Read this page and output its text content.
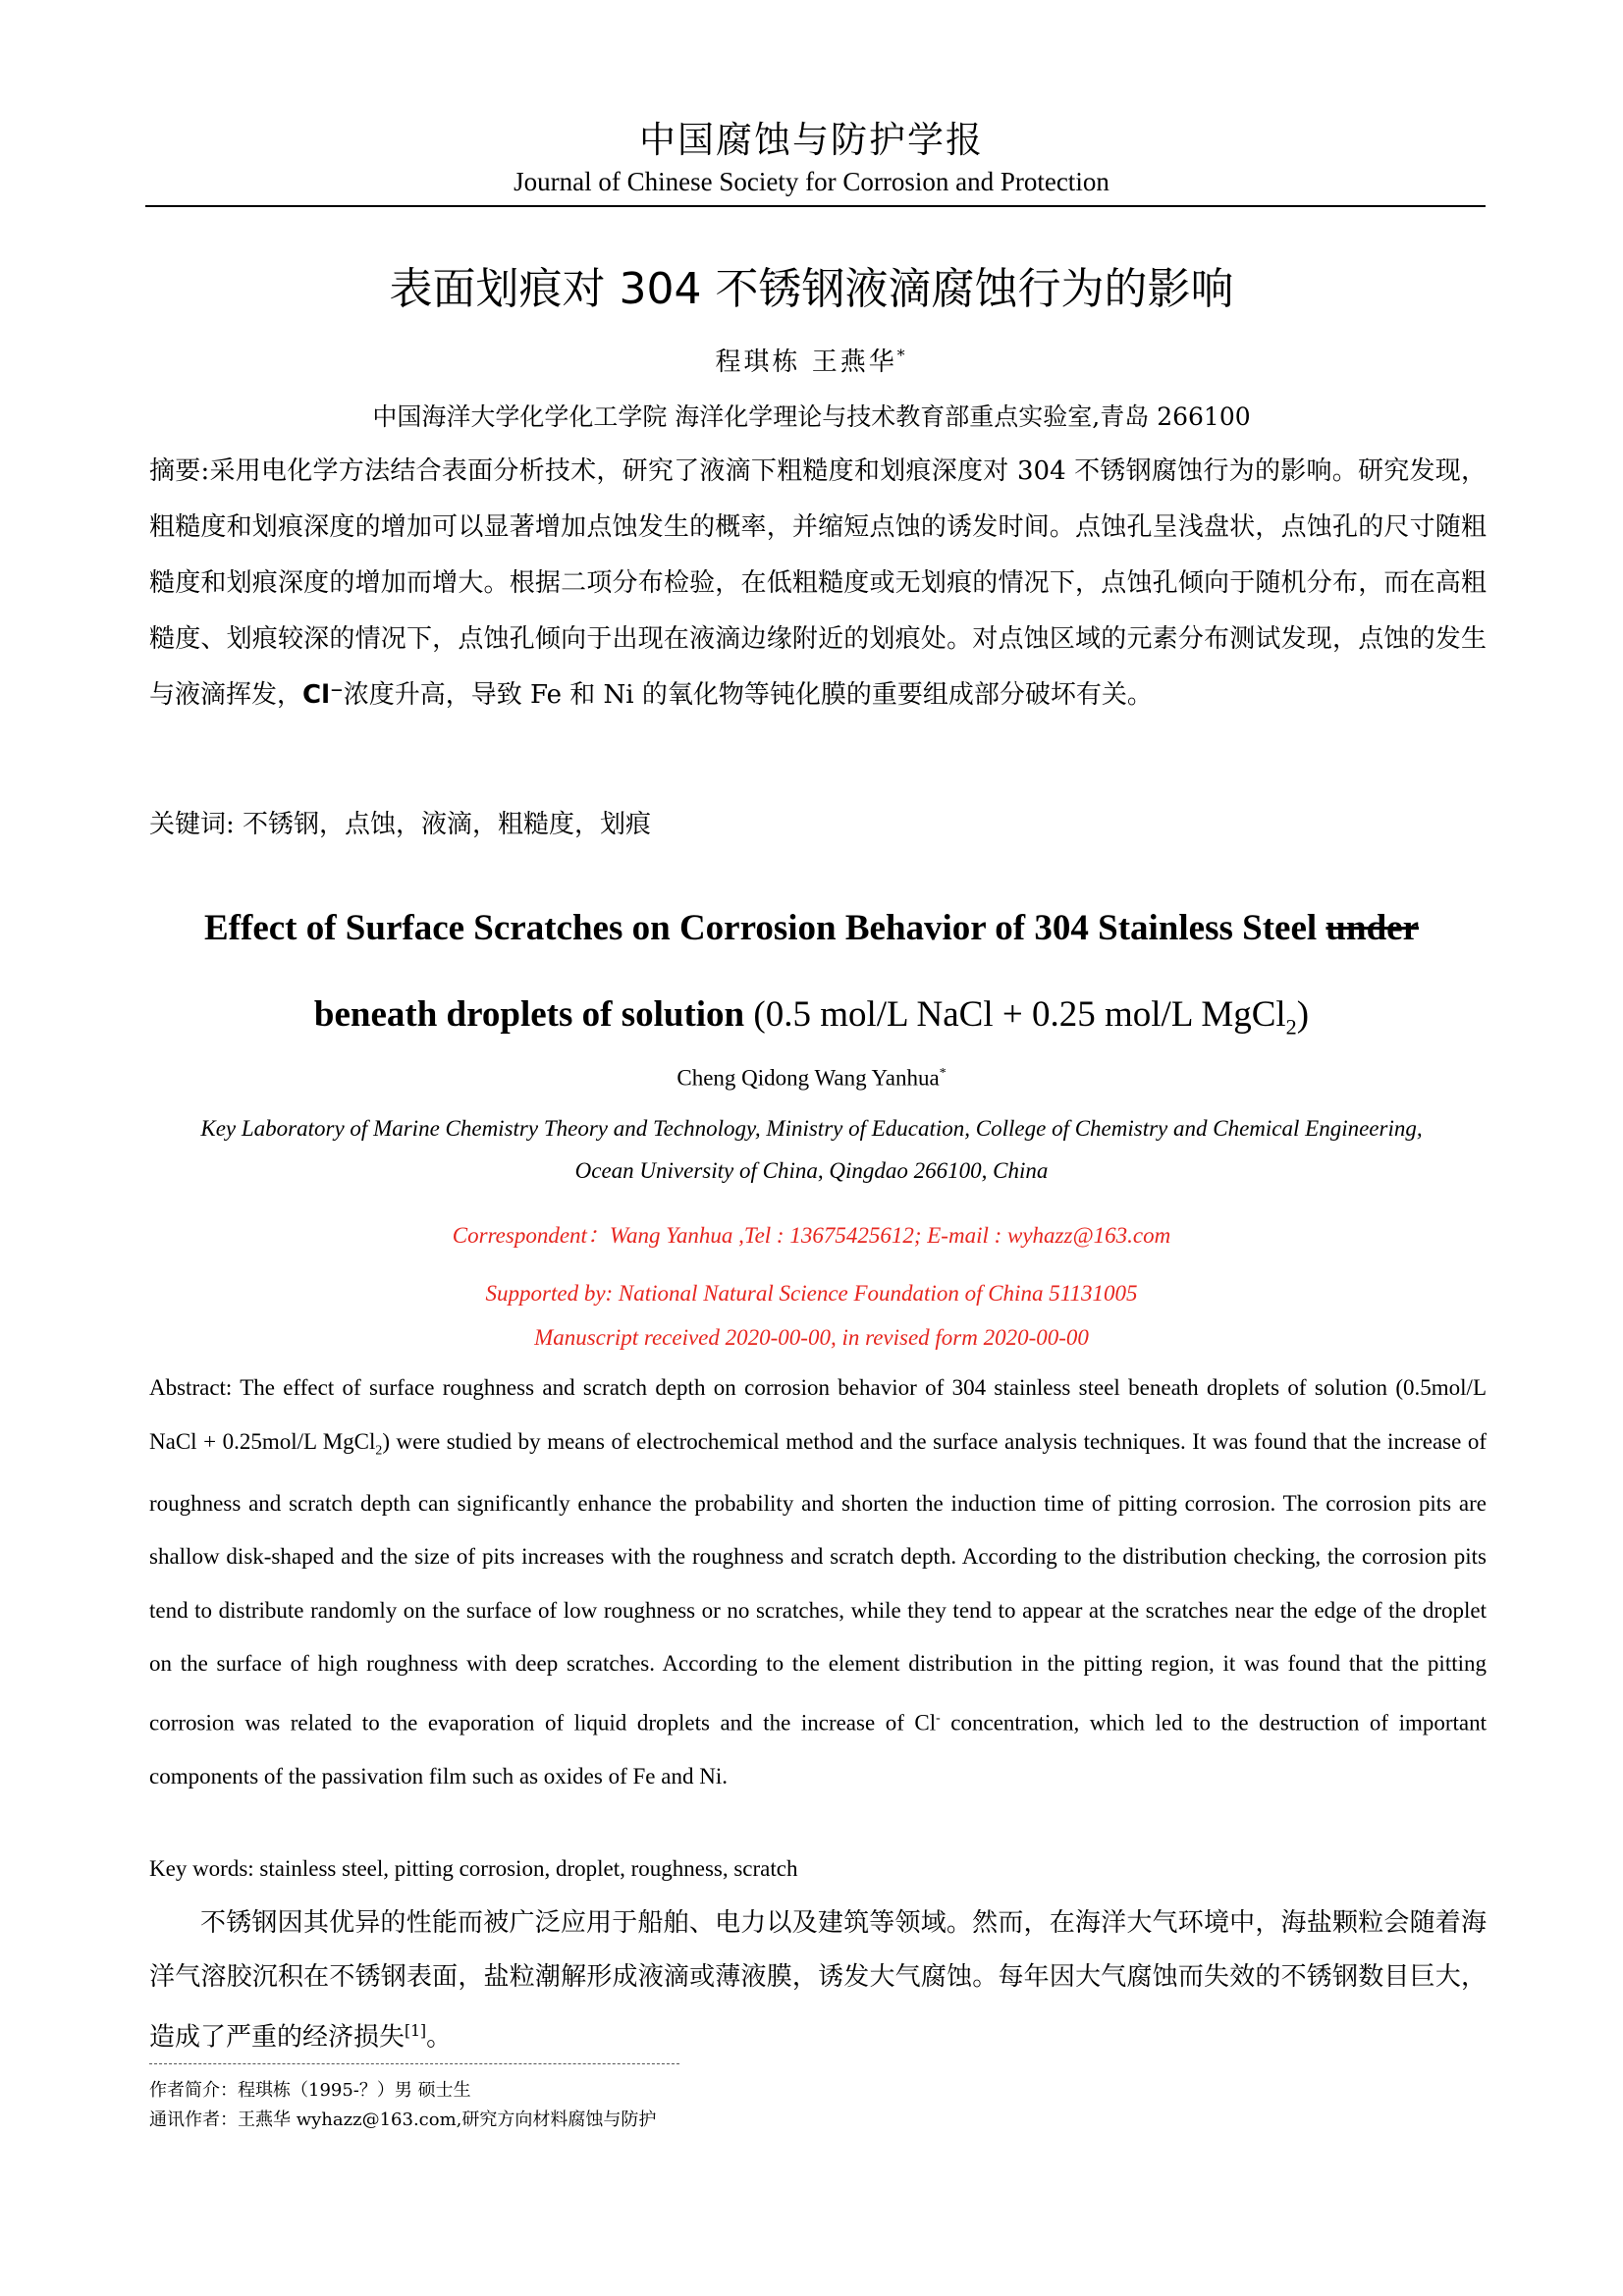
中国腐蚀与防护学报
Journal of Chinese Society for Corrosion and Protection
表面划痕对 304 不锈钢液滴腐蚀行为的影响
程琪栋 王燕华*
中国海洋大学化学化工学院 海洋化学理论与技术教育部重点实验室,青岛 266100
摘要:采用电化学方法结合表面分析技术，研究了液滴下粗糙度和划痕深度对 304 不锈钢腐蚀行为的影响。研究发现，粗糙度和划痕深度的增加可以显著增加点蚀发生的概率，并缩短点蚀的诱发时间。点蚀孔呈浅盘状，点蚀孔的尺寸随粗糙度和划痕深度的增加而增大。根据二项分布检验，在低粗糙度或无划痕的情况下，点蚀孔倾向于随机分布，而在高粗糙度、划痕较深的情况下，点蚀孔倾向于出现在液滴边缘附近的划痕处。对点蚀区域的元素分布测试发现，点蚀的发生与液滴挥发，Cl⁻浓度升高，导致 Fe 和 Ni 的氧化物等钝化膜的重要组成部分破坏有关。
关键词: 不锈钢，点蚀，液滴，粗糙度，划痕
Effect of Surface Scratches on Corrosion Behavior of 304 Stainless Steel under
beneath droplets of solution (0.5 mol/L NaCl + 0.25 mol/L MgCl$_2$)
Cheng Qidong Wang Yanhua*
Key Laboratory of Marine Chemistry Theory and Technology, Ministry of Education, College of Chemistry and Chemical Engineering,
Ocean University of China, Qingdao 266100, China
Correspondent：Wang Yanhua ,Tel : 13675425612; E-mail : wyhazz@163.com
Supported by: National Natural Science Foundation of China 51131005
Manuscript received 2020-00-00, in revised form 2020-00-00
Abstract: The effect of surface roughness and scratch depth on corrosion behavior of 304 stainless steel beneath droplets of solution (0.5mol/L NaCl + 0.25mol/L MgCl$_2$) were studied by means of electrochemical method and the surface analysis techniques. It was found that the increase of roughness and scratch depth can significantly enhance the probability and shorten the induction time of pitting corrosion. The corrosion pits are shallow disk-shaped and the size of pits increases with the roughness and scratch depth. According to the distribution checking, the corrosion pits tend to distribute randomly on the surface of low roughness or no scratches, while they tend to appear at the scratches near the edge of the droplet on the surface of high roughness with deep scratches. According to the element distribution in the pitting region, it was found that the pitting corrosion was related to the evaporation of liquid droplets and the increase of Cl- concentration, which led to the destruction of important components of the passivation film such as oxides of Fe and Ni.
Key words: stainless steel, pitting corrosion, droplet, roughness, scratch
不锈钢因其优异的性能而被广泛应用于船舶、电力以及建筑等领域。然而，在海洋大气环境中，海盐颗粒会随着海洋气溶胶沉积在不锈钢表面，盐粒潮解形成液滴或薄液膜，诱发大气腐蚀。每年因大气腐蚀而失效的不锈钢数目巨大，造成了严重的经济损失[1]。
作者简介：程琪栋（1995-？）男 硕士生
通讯作者：王燕华 wyhazz@163.com,研究方向材料腐蚀与防护
